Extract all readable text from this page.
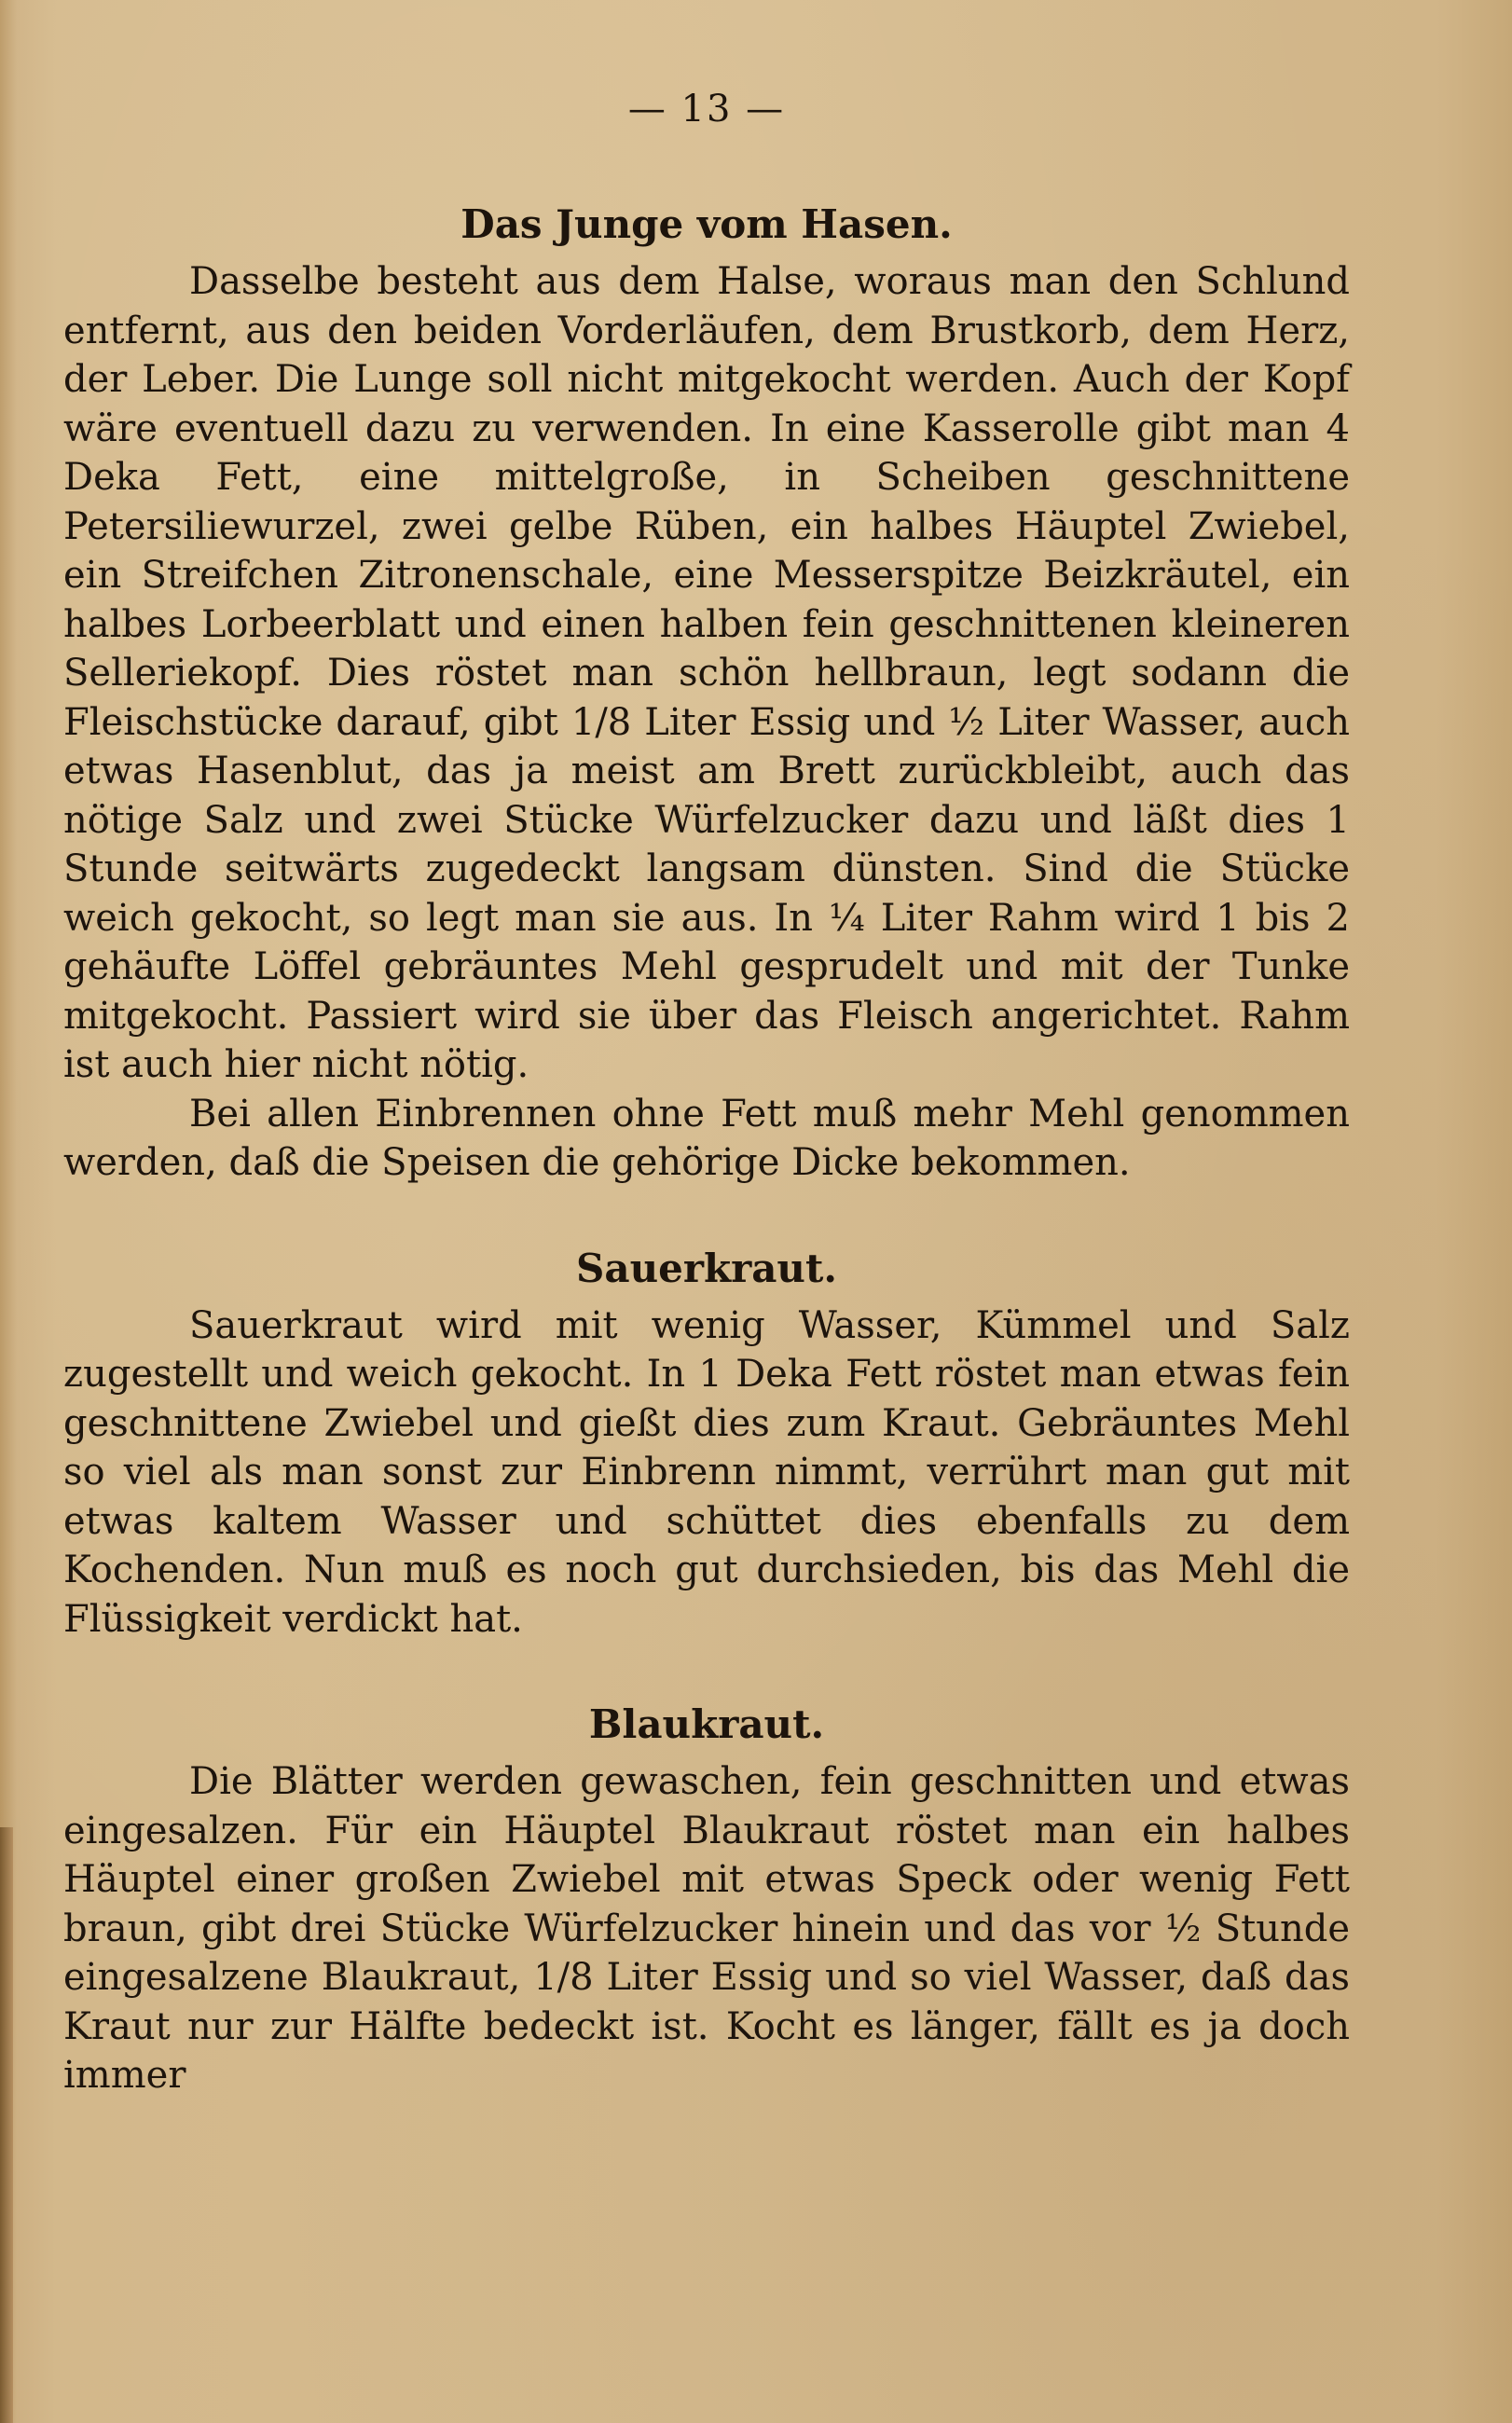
— 13 —
Das Junge vom Hasen.

Dasselbe besteht aus dem Halse, woraus man den Schlund entfernt, aus den beiden Vorderläufen, dem Brustkorb, dem Herz, der Leber. Die Lunge soll nicht mitgekocht werden. Auch der Kopf wäre eventuell dazu zu verwenden. In eine Kasserolle gibt man 4 Deka Fett, eine mittelgroße, in Scheiben geschnittene Petersiliewurzel, zwei gelbe Rüben, ein halbes Häuptel Zwiebel, ein Streifchen Zitronenschale, eine Messerspitze Beizkräutel, ein halbes Lorbeerblatt und einen halben fein geschnittenen kleineren Selleriekopf. Dies röstet man schön hellbraun, legt sodann die Fleischstücke darauf, gibt 1/8 Liter Essig und ½ Liter Wasser, auch etwas Hasenblut, das ja meist am Brett zurückbleibt, auch das nötige Salz und zwei Stücke Würfelzucker dazu und läßt dies 1 Stunde seitwärts zugedeckt langsam dünsten. Sind die Stücke weich gekocht, so legt man sie aus. In ¼ Liter Rahm wird 1 bis 2 gehäufte Löffel gebräuntes Mehl gesprudelt und mit der Tunke mitgekocht. Passiert wird sie über das Fleisch angerichtet. Rahm ist auch hier nicht nötig.

Bei allen Einbrennen ohne Fett muß mehr Mehl genommen werden, daß die Speisen die gehörige Dicke bekommen.

Sauerkraut.

Sauerkraut wird mit wenig Wasser, Kümmel und Salz zugestellt und weich gekocht. In 1 Deka Fett röstet man etwas fein geschnittene Zwiebel und gießt dies zum Kraut. Gebräuntes Mehl so viel als man sonst zur Einbrenn nimmt, verrührt man gut mit etwas kaltem Wasser und schüttet dies ebenfalls zu dem Kochenden. Nun muß es noch gut durchsieden, bis das Mehl die Flüssigkeit verdickt hat.

Blaukraut.

Die Blätter werden gewaschen, fein geschnitten und etwas eingesalzen. Für ein Häuptel Blaukraut röstet man ein halbes Häuptel einer großen Zwiebel mit etwas Speck oder wenig Fett braun, gibt drei Stücke Würfelzucker hinein und das vor ½ Stunde eingesalzene Blaukraut, 1/8 Liter Essig und so viel Wasser, daß das Kraut nur zur Hälfte bedeckt ist. Kocht es länger, fällt es ja doch immer
